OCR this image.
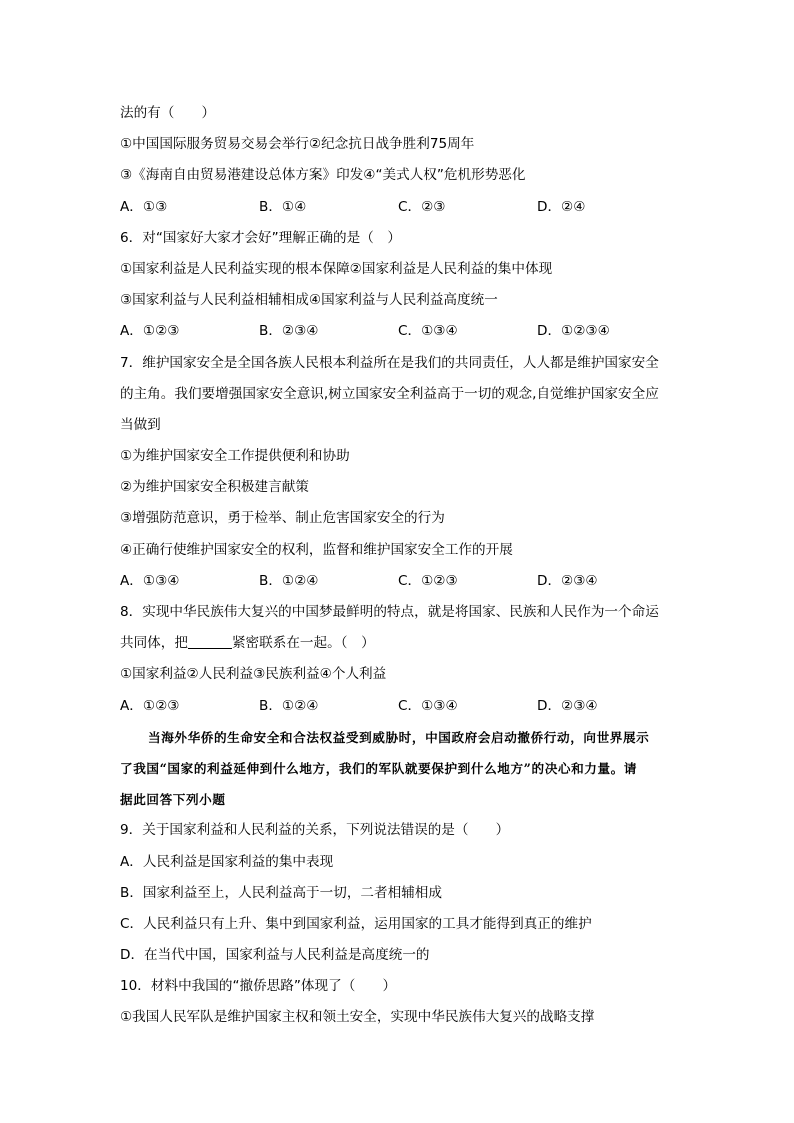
法的有（　　）
①中国国际服务贸易交易会举行②纪念抗日战争胜利75周年
③《海南自由贸易港建设总体方案》印发④“美式人权”危机形势恶化
A．①③	B．①④	C．②③	D．②④
6．对“国家好大家才会好”理解正确的是（　）
①国家利益是人民利益实现的根本保障②国家利益是人民利益的集中体现
③国家利益与人民利益相辅相成④国家利益与人民利益高度统一
A．①②③	B．②③④	C．①③④	D．①②③④
7．维护国家安全是全国各族人民根本利益所在是我们的共同责任，人人都是维护国家安全
的主角。我们要增强国家安全意识,树立国家安全利益高于一切的观念,自觉维护国家安全应
当做到
①为维护国家安全工作提供便利和协助
②为维护国家安全积极建言献策
③增强防范意识，勇于检举、制止危害国家安全的行为
④正确行使维护国家安全的权利，监督和维护国家安全工作的开展
A．①③④	B．①②④	C．①②③	D．②③④
8．实现中华民族伟大复兴的中国梦最鲜明的特点，就是将国家、民族和人民作为一个命运
共同体，把	紧密联系在一起。（　）
①国家利益②人民利益③民族利益④个人利益
A．①②③	B．①②④	C．①③④	D．②③④
当海外华侨的生命安全和合法权益受到威胁时，中国政府会启动撤侨行动，向世界展示
了我国“国家的利益延伸到什么地方，我们的军队就要保护到什么地方”的决心和力量。请
据此回答下列小题
9．关于国家利益和人民利益的关系，下列说法错误的是（　　）
A．人民利益是国家利益的集中表现
B．国家利益至上，人民利益高于一切，二者相辅相成
C．人民利益只有上升、集中到国家利益，运用国家的工具才能得到真正的维护
D．在当代中国，国家利益与人民利益是高度统一的
10．材料中我国的“撤侨思路”体现了（　　）
①我国人民军队是维护国家主权和领土安全，实现中华民族伟大复兴的战略支撑
